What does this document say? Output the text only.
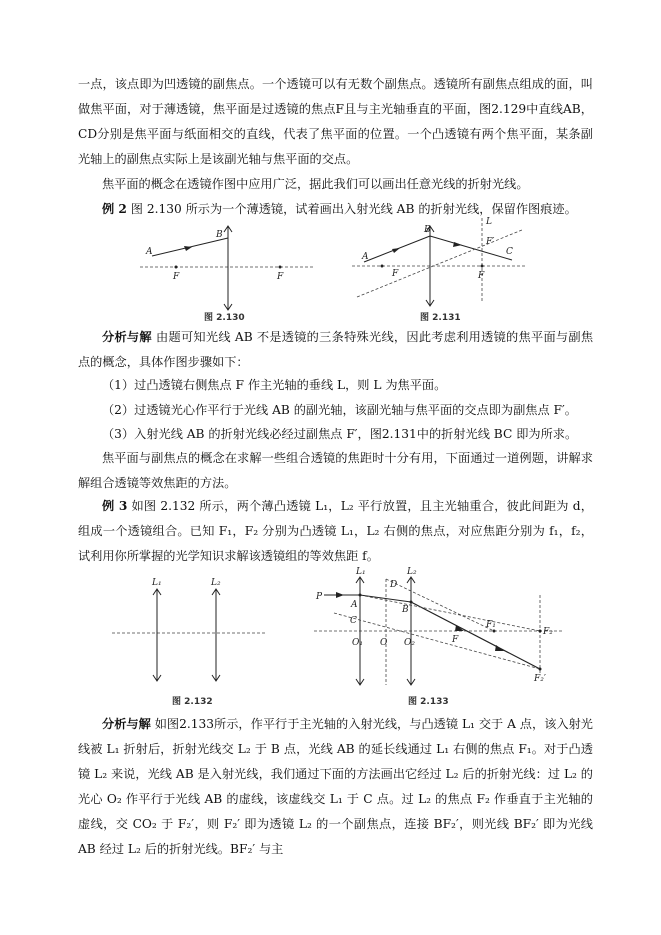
一点，该点即为凹透镜的副焦点。一个透镜可以有无数个副焦点。透镜所有副焦点组成的面，叫做焦平面，对于薄透镜，焦平面是过透镜的焦点F且与主光轴垂直的平面，图2.129中直线AB，CD分别是焦平面与纸面相交的直线，代表了焦平面的位置。一个凸透镜有两个焦平面，某条副光轴上的副焦点实际上是该副光轴与焦平面的交点。
焦平面的概念在透镜作图中应用广泛，据此我们可以画出任意光线的折射光线。
例 2 图 2.130 所示为一个薄透镜，试着画出入射光线 AB 的折射光线，保留作图痕迹。
A
B
F	F
图 2.130
A
B
L
F′
C
F	F
图 2.131
分析与解 由题可知光线 AB 不是透镜的三条特殊光线，因此考虑利用透镜的焦平面与副焦点的概念，具体作图步骤如下：
（1）过凸透镜右侧焦点 F 作主光轴的垂线 L，则 L 为焦平面。
（2）过透镜光心作平行于光线 AB 的副光轴，该副光轴与焦平面的交点即为副焦点 F′。
（3）入射光线 AB 的折射光线必经过副焦点 F′，图2.131中的折射光线 BC 即为所求。
焦平面与副焦点的概念在求解一些组合透镜的焦距时十分有用，下面通过一道例题，讲解求解组合透镜等效焦距的方法。
例 3 如图 2.132 所示，两个薄凸透镜 L₁，L₂ 平行放置，且主光轴重合，彼此间距为 d，组成一个透镜组合。已知 F₁，F₂ 分别为凸透镜 L₁，L₂ 右侧的焦点，对应焦距分别为 f₁，f₂，试利用你所掌握的光学知识求解该透镜组的等效焦距 f。
L₁	L₂
图 2.132
L₁
D
L₂
P
A	B
C	F₁
F₂
F
O₁ O O₂
F₂′
图 2.133
分析与解 如图2.133所示，作平行于主光轴的入射光线，与凸透镜 L₁ 交于 A 点，该入射光线被 L₁ 折射后，折射光线交 L₂ 于 B 点，光线 AB 的延长线通过 L₁ 右侧的焦点 F₁。对于凸透镜 L₂ 来说，光线 AB 是入射光线，我们通过下面的方法画出它经过 L₂ 后的折射光线：过 L₂ 的光心 O₂ 作平行于光线 AB 的虚线，该虚线交 L₁ 于 C 点。过 L₂ 的焦点 F₂ 作垂直于主光轴的虚线，交 CO₂ 于 F₂′，则 F₂′ 即为透镜 L₂ 的一个副焦点，连接 BF₂′，则光线 BF₂′ 即为光线 AB 经过 L₂ 后的折射光线。BF₂′ 与主
